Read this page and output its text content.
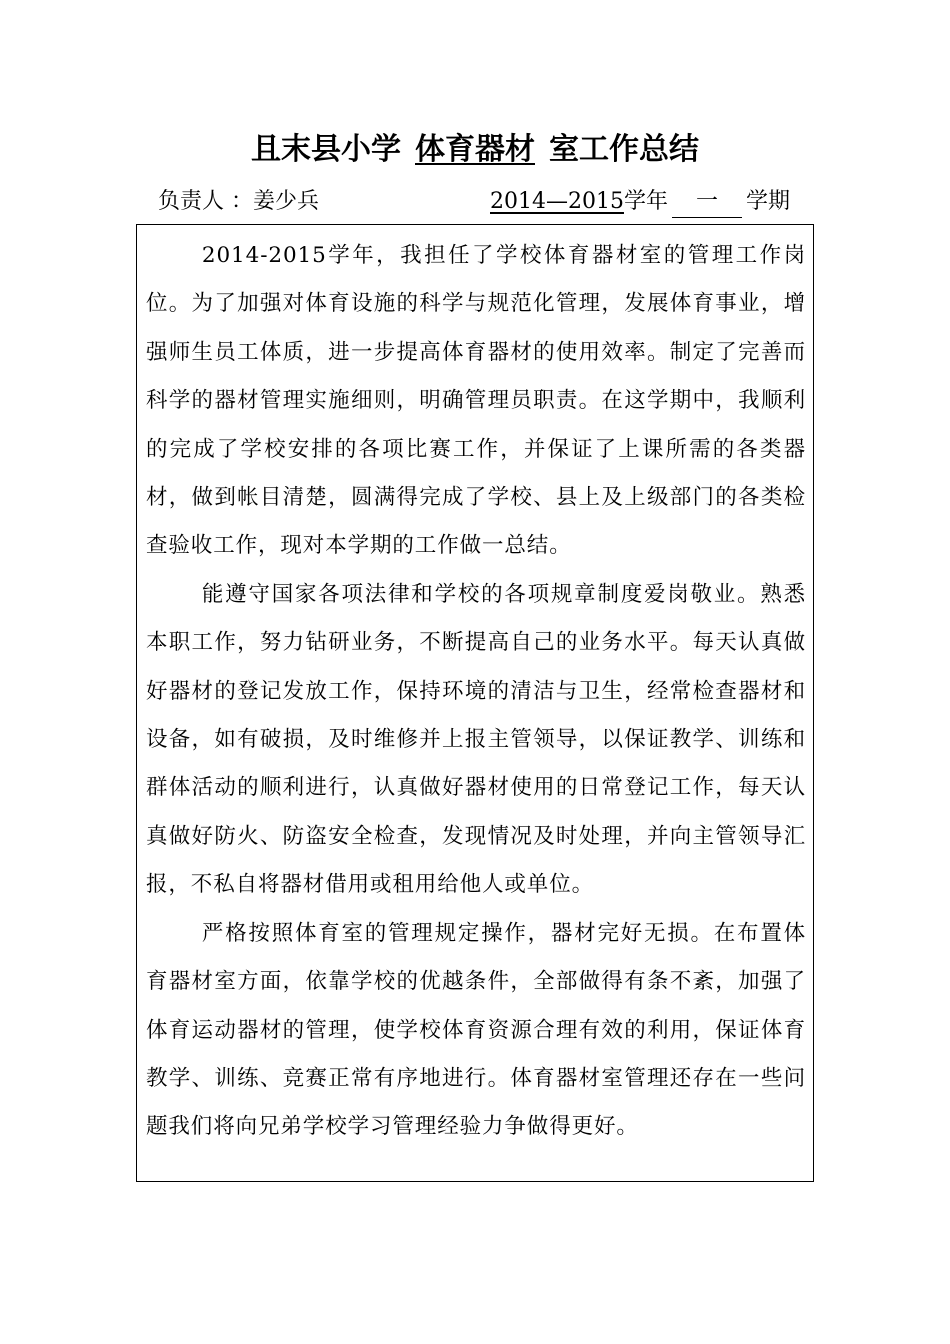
且末县小学 体育器材 室工作总结
负责人 ：姜少兵	2014—2015学年 一 学期

2014-2015学年，我担任了学校体育器材室的管理工作岗位。为了加强对体育设施的科学与规范化管理，发展体育事业，增强师生员工体质，进一步提高体育器材的使用效率。制定了完善而科学的器材管理实施细则，明确管理员职责。在这学期中，我顺利的完成了学校安排的各项比赛工作，并保证了上课所需的各类器材，做到帐目清楚，圆满得完成了学校、县上及上级部门的各类检查验收工作，现对本学期的工作做一总结。

能遵守国家各项法律和学校的各项规章制度爱岗敬业。熟悉本职工作，努力钻研业务，不断提高自己的业务水平。每天认真做好器材的登记发放工作，保持环境的清洁与卫生，经常检查器材和设备，如有破损，及时维修并上报主管领导，以保证教学、训练和群体活动的顺利进行，认真做好器材使用的日常登记工作，每天认真做好防火、防盗安全检查，发现情况及时处理，并向主管领导汇报，不私自将器材借用或租用给他人或单位。

严格按照体育室的管理规定操作，器材完好无损。在布置体育器材室方面，依靠学校的优越条件，全部做得有条不紊，加强了体育运动器材的管理，使学校体育资源合理有效的利用，保证体育教学、训练、竞赛正常有序地进行。体育器材室管理还存在一些问题我们将向兄弟学校学习管理经验力争做得更好。
